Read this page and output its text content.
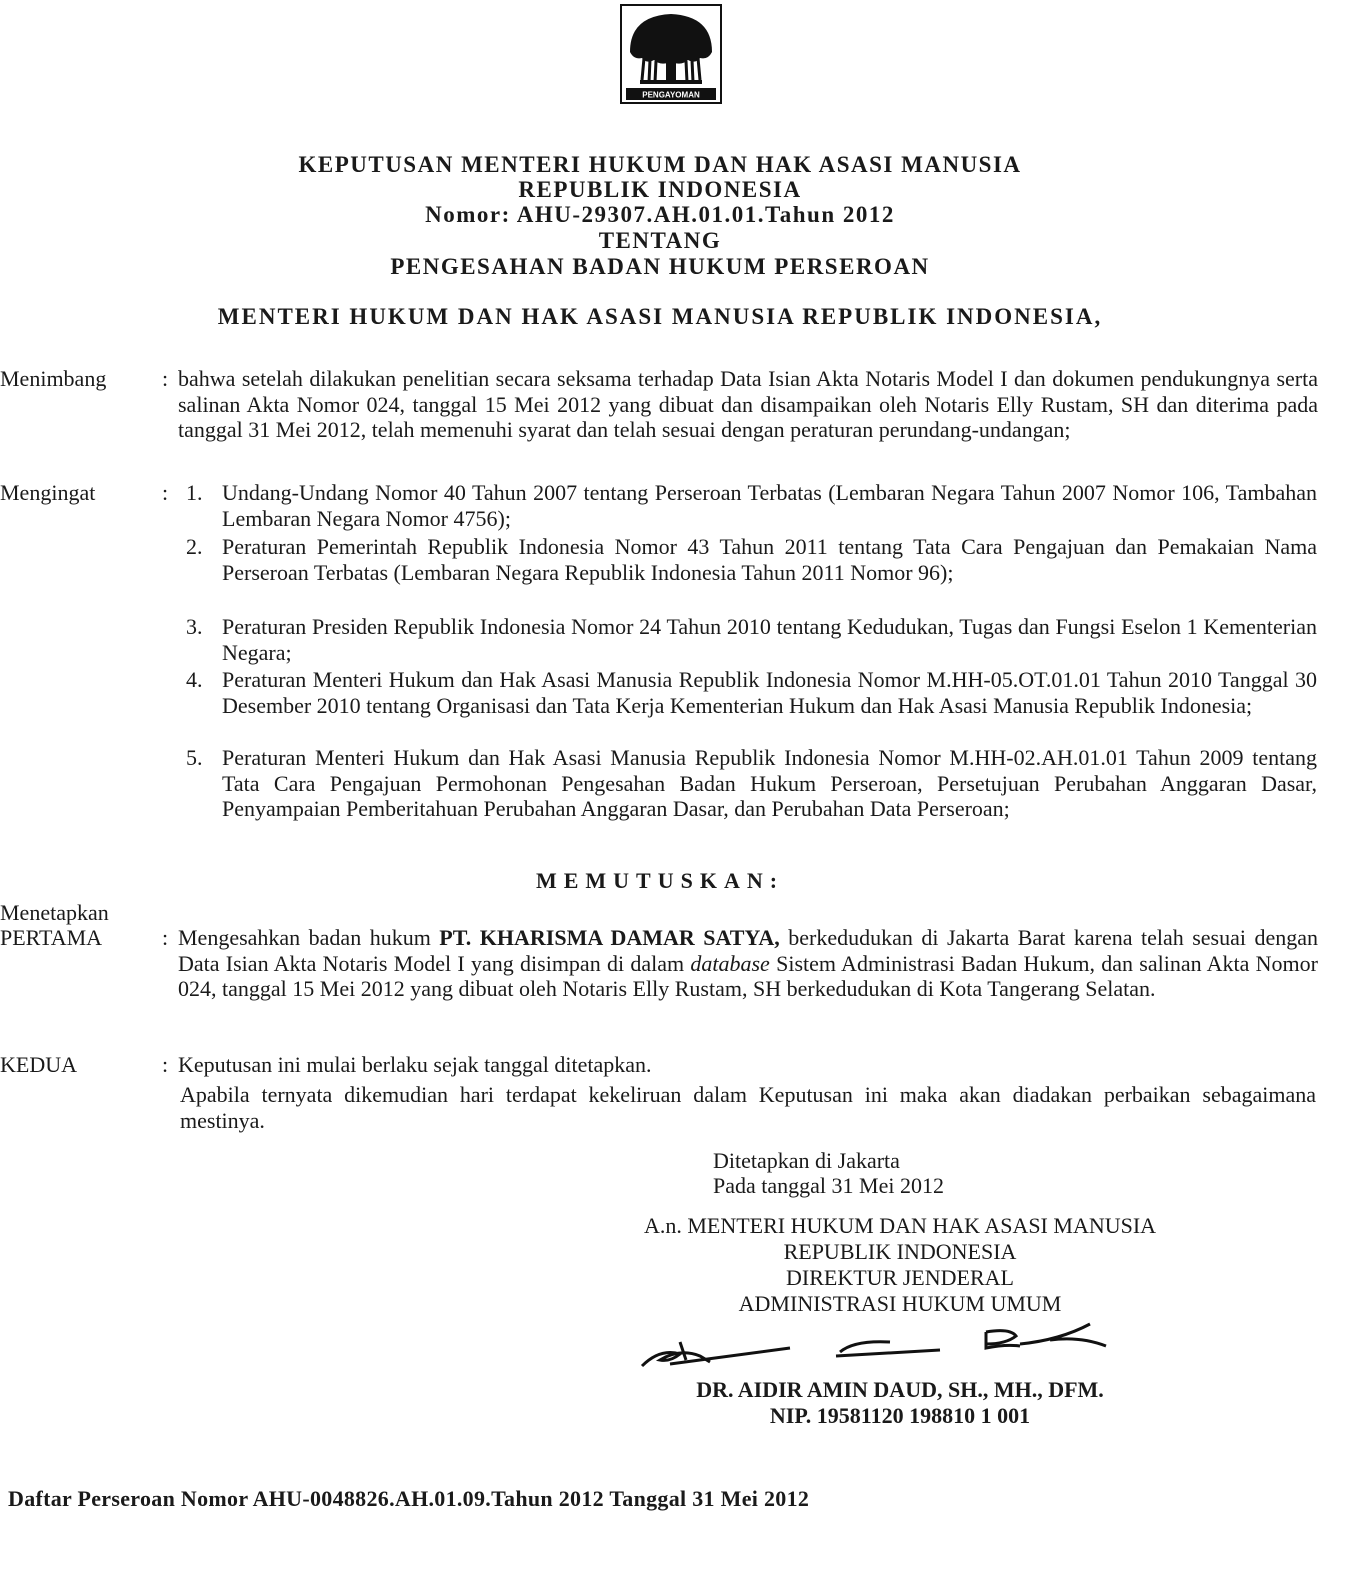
PENGAYOMAN
KEPUTUSAN MENTERI HUKUM DAN HAK ASASI MANUSIA
REPUBLIK INDONESIA
Nomor: AHU-29307.AH.01.01.Tahun 2012
TENTANG
PENGESAHAN BADAN HUKUM PERSEROAN
MENTERI HUKUM DAN HAK ASASI MANUSIA REPUBLIK INDONESIA,
Menimbang	: bahwa setelah dilakukan penelitian secara seksama terhadap Data Isian Akta Notaris Model I dan dokumen pendukungnya serta salinan Akta Nomor 024, tanggal 15 Mei 2012 yang dibuat dan disampaikan oleh Notaris Elly Rustam, SH dan diterima pada tanggal 31 Mei 2012, telah memenuhi syarat dan telah sesuai dengan peraturan perundang-undangan;
Mengingat	: 1. Undang-Undang Nomor 40 Tahun 2007 tentang Perseroan Terbatas (Lembaran Negara Tahun 2007 Nomor 106, Tambahan Lembaran Negara Nomor 4756);
2. Peraturan Pemerintah Republik Indonesia Nomor 43 Tahun 2011 tentang Tata Cara Pengajuan dan Pemakaian Nama Perseroan Terbatas (Lembaran Negara Republik Indonesia Tahun 2011 Nomor 96);
3. Peraturan Presiden Republik Indonesia Nomor 24 Tahun 2010 tentang Kedudukan, Tugas dan Fungsi Eselon 1 Kementerian Negara;
4. Peraturan Menteri Hukum dan Hak Asasi Manusia Republik Indonesia Nomor M.HH-05.OT.01.01 Tahun 2010 Tanggal 30 Desember 2010 tentang Organisasi dan Tata Kerja Kementerian Hukum dan Hak Asasi Manusia Republik Indonesia;
5. Peraturan Menteri Hukum dan Hak Asasi Manusia Republik Indonesia Nomor M.HH-02.AH.01.01 Tahun 2009 tentang Tata Cara Pengajuan Permohonan Pengesahan Badan Hukum Perseroan, Persetujuan Perubahan Anggaran Dasar, Penyampaian Pemberitahuan Perubahan Anggaran Dasar, dan Perubahan Data Perseroan;
MEMUTUSKAN:
Menetapkan
PERTAMA	: Mengesahkan badan hukum PT. KHARISMA DAMAR SATYA, berkedudukan di Jakarta Barat karena telah sesuai dengan Data Isian Akta Notaris Model I yang disimpan di dalam database Sistem Administrasi Badan Hukum, dan salinan Akta Nomor 024, tanggal 15 Mei 2012 yang dibuat oleh Notaris Elly Rustam, SH berkedudukan di Kota Tangerang Selatan.
KEDUA	: Keputusan ini mulai berlaku sejak tanggal ditetapkan.
Apabila ternyata dikemudian hari terdapat kekeliruan dalam Keputusan ini maka akan diadakan perbaikan sebagaimana mestinya.
Ditetapkan di Jakarta
Pada tanggal 31 Mei 2012
A.n. MENTERI HUKUM DAN HAK ASASI MANUSIA
REPUBLIK INDONESIA
DIREKTUR JENDERAL
ADMINISTRASI HUKUM UMUM
DR. AIDIR AMIN DAUD, SH., MH., DFM.
NIP. 19581120 198810 1 001
Daftar Perseroan Nomor AHU-0048826.AH.01.09.Tahun 2012 Tanggal 31 Mei 2012
